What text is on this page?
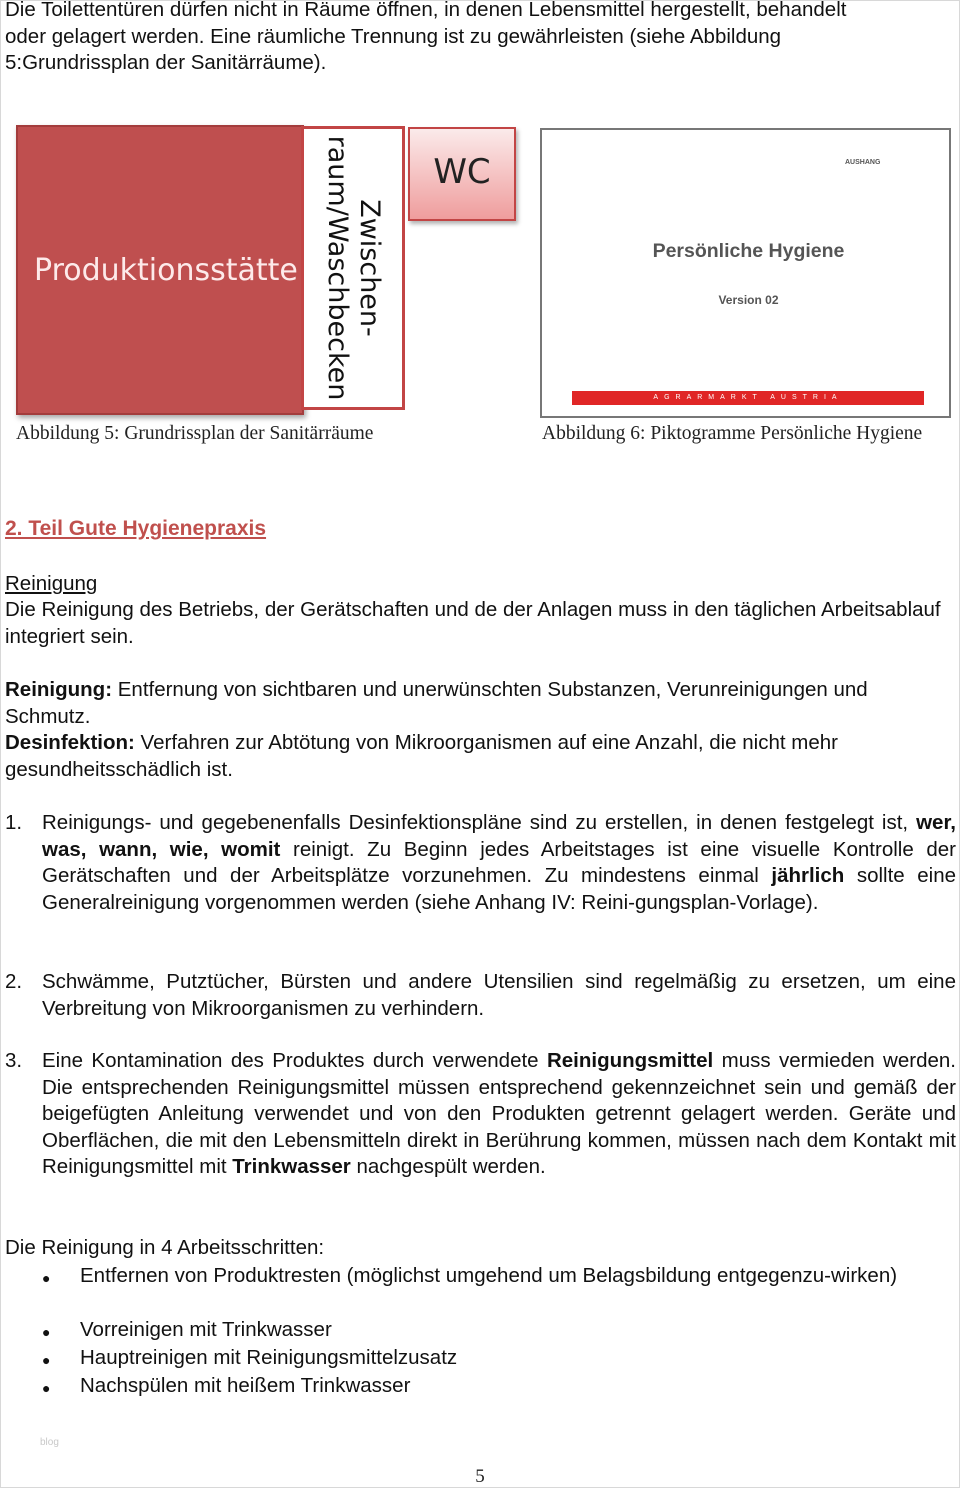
Die Toilettentüren dürfen nicht in Räume öffnen, in denen Lebensmittel hergestellt, behandelt
oder gelagert werden. Eine räumliche Trennung ist zu gewährleisten (siehe Abbildung
5:Grundrissplan der Sanitärräume).
Produktionsstätte Zwischen-
raum/Waschbecken	WC
Abbildung 5: Grundrissplan der Sanitärräume
AUSHANG
Persönliche Hygiene
Version 02
AGRARMARKT AUSTRIA
Abbildung 6: Piktogramme Persönliche Hygiene
2. Teil Gute Hygienepraxis
Reinigung
Die Reinigung des Betriebs, der Gerätschaften und de der Anlagen muss in den täglichen Arbeitsablauf integriert sein.
Reinigung: Entfernung von sichtbaren und unerwünschten Substanzen, Verunreinigungen und Schmutz.
Desinfektion: Verfahren zur Abtötung von Mikroorganismen auf eine Anzahl, die nicht mehr gesundheitsschädlich ist.
1. Reinigungs- und gegebenenfalls Desinfektionspläne sind zu erstellen, in denen festgelegt ist, wer, was, wann, wie, womit reinigt. Zu Beginn jedes Arbeitstages ist eine visuelle Kontrolle der Gerätschaften und der Arbeitsplätze vorzunehmen. Zu mindestens einmal jährlich sollte eine Generalreinigung vorgenommen werden (siehe Anhang IV: Reini-gungsplan-Vorlage).
2. Schwämme, Putztücher, Bürsten und andere Utensilien sind regelmäßig zu ersetzen, um eine Verbreitung von Mikroorganismen zu verhindern.
3. Eine Kontamination des Produktes durch verwendete Reinigungsmittel muss vermieden werden. Die entsprechenden Reinigungsmittel müssen entsprechend gekennzeichnet sein und gemäß der beigefügten Anleitung verwendet und von den Produkten getrennt gelagert werden. Geräte und Oberflächen, die mit den Lebensmitteln direkt in Berührung kommen, müssen nach dem Kontakt mit Reinigungsmittel mit Trinkwasser nachgespült werden.
Die Reinigung in 4 Arbeitsschritten:
● Entfernen von Produktresten (möglichst umgehend um Belagsbildung entgegenzu-wirken)
● Vorreinigen mit Trinkwasser
● Hauptreinigen mit Reinigungsmittelzusatz
● Nachspülen mit heißem Trinkwasser
blog
5
